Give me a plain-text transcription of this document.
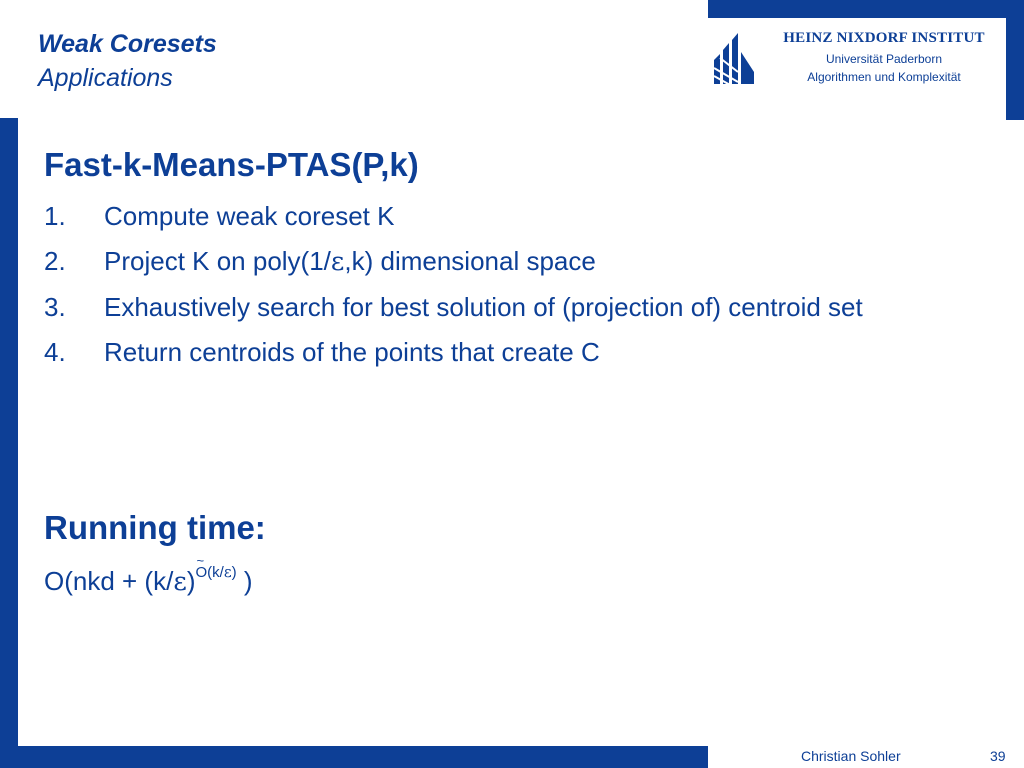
Weak Coresets
Applications
HEINZ NIXDORF INSTITUT
Universität Paderborn
Algorithmen und Komplexität
Fast-k-Means-PTAS(P,k)
1. Compute weak coreset K
2. Project K on poly(1/ε,k) dimensional space
3. Exhaustively search for best solution of (projection of) centroid set
4. Return centroids of the points that create C
Running time:
O(nkd + (k/ε)~ $^{O(k/\varepsilon)}$ )
Christian Sohler	39
